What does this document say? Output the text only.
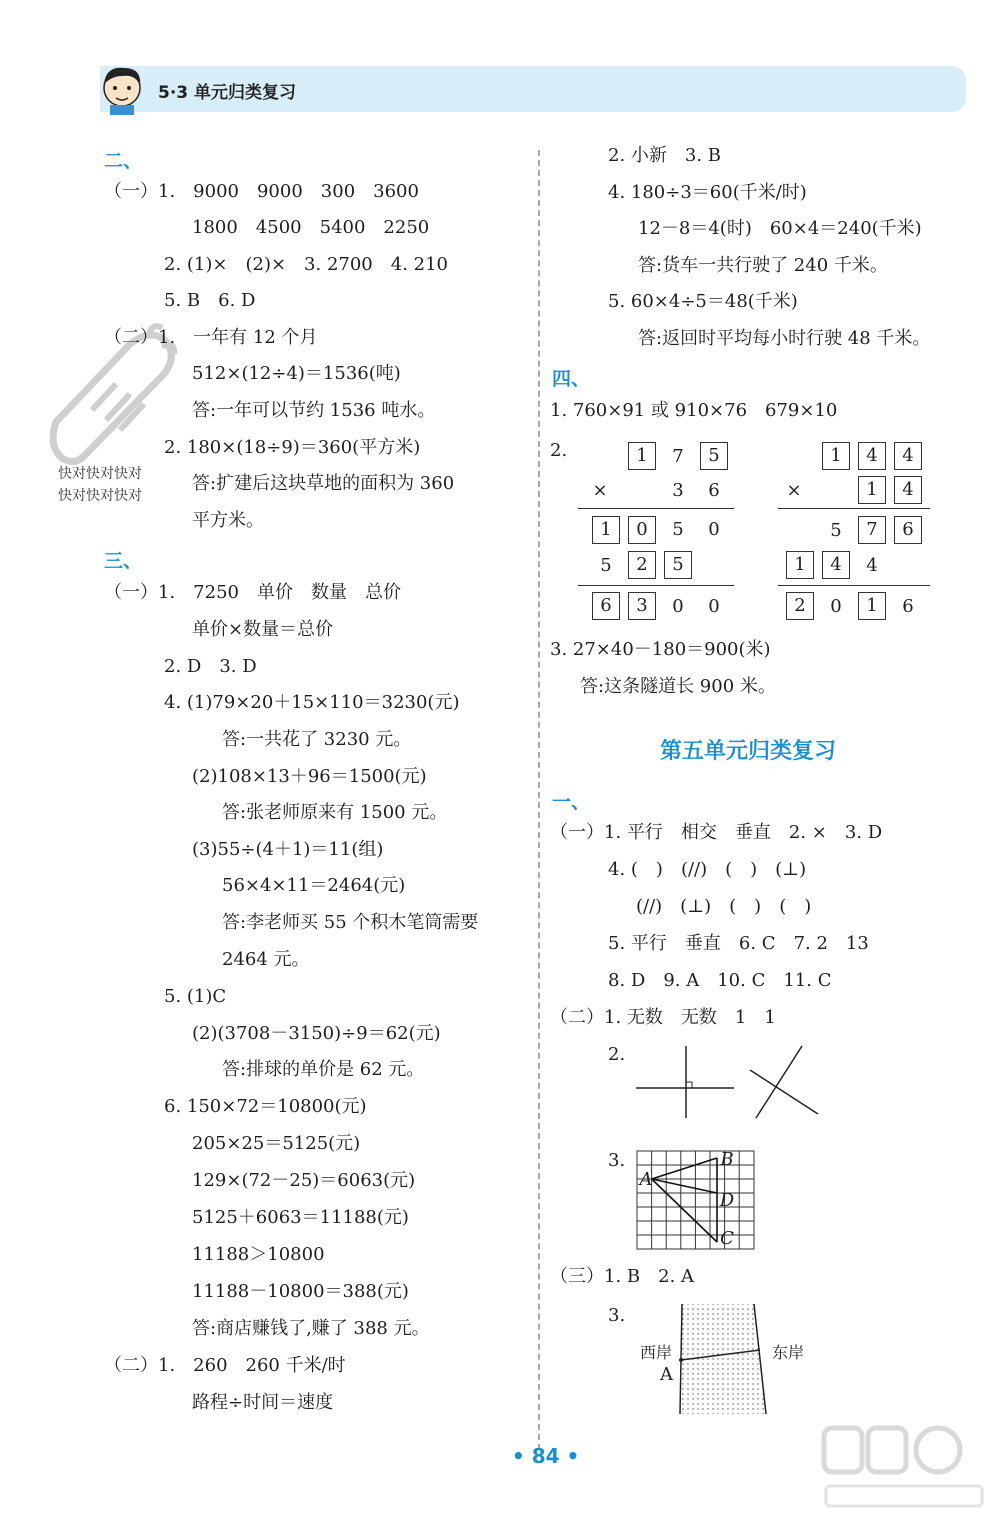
5·3 单元归类复习
快对快对快对
快对快对快对
二、
（一）1.　9000　9000　300　3600
1800　4500　5400　2250
2. (1)×　(2)×　3. 2700　4. 210
5. B　6. D
（二）1.　一年有 12 个月
512×(12÷4)＝1536(吨)
答:一年可以节约 1536 吨水。
2. 180×(18÷9)＝360(平方米)
答:扩建后这块草地的面积为 360
平方米。
三、
（一）1.　7250　单价　数量　总价
单价×数量＝总价
2. D　3. D
4. (1)79×20＋15×110＝3230(元)
答:一共花了 3230 元。
(2)108×13＋96＝1500(元)
答:张老师原来有 1500 元。
(3)55÷(4＋1)＝11(组)
56×4×11＝2464(元)
答:李老师买 55 个积木笔筒需要
2464 元。
5. (1)C
(2)(3708－3150)÷9＝62(元)
答:排球的单价是 62 元。
6. 150×72＝10800(元)
205×25＝5125(元)
129×(72－25)＝6063(元)
5125＋6063＝11188(元)
11188＞10800
11188－10800＝388(元)
答:商店赚钱了,赚了 388 元。
（二）1.　260　260 千米/时
路程÷时间＝速度
2. 小新　3. B
4. 180÷3＝60(千米/时)
12－8＝4(时)　60×4＝240(千米)
答:货车一共行驶了 240 千米。
5. 60×4÷5＝48(千米)
答:返回时平均每小时行驶 48 千米。
四、
1. 760×91 或 910×76　679×10
2.	1	7	5
×	3	6
1	0	5	0
5	2	5
6	3	0	0
1	4	4
×	1	4
5	7	6
1	4	4
2	0	1	6
3. 27×40－180＝900(米)
答:这条隧道长 900 米。
第五单元归类复习
一、
（一）1. 平行　相交　垂直　2. ×　3. D
4. (　)　(//)　(　)　(⊥)
(//)　(⊥)　(　)　(　)
5. 平行　垂直　6. C　7. 2　13
8. D　9. A　10. C　11. C
（二）1. 无数　无数　1　1
2.
3.
A
B
D
C
（三）1. B　2. A
3.
西岸	东岸
A
• 84 •
